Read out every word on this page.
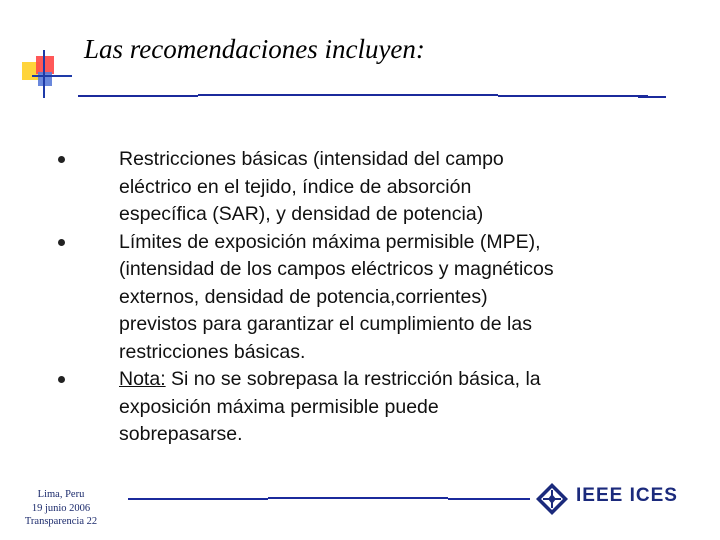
Las recomendaciones incluyen:
Restricciones básicas (intensidad del campo
eléctrico en el tejido, índice de absorción
específica (SAR), y densidad de potencia)
Límites de exposición máxima permisible (MPE),
(intensidad de los campos eléctricos y magnéticos
externos, densidad de potencia,corrientes)
previstos para garantizar el cumplimiento de las
restricciones básicas.
Nota: Si no se sobrepasa la restricción básica, la
exposición máxima permisible puede
sobrepasarse.
Lima, Peru
19 junio 2006
Transparencia 22
IEEE ICES
